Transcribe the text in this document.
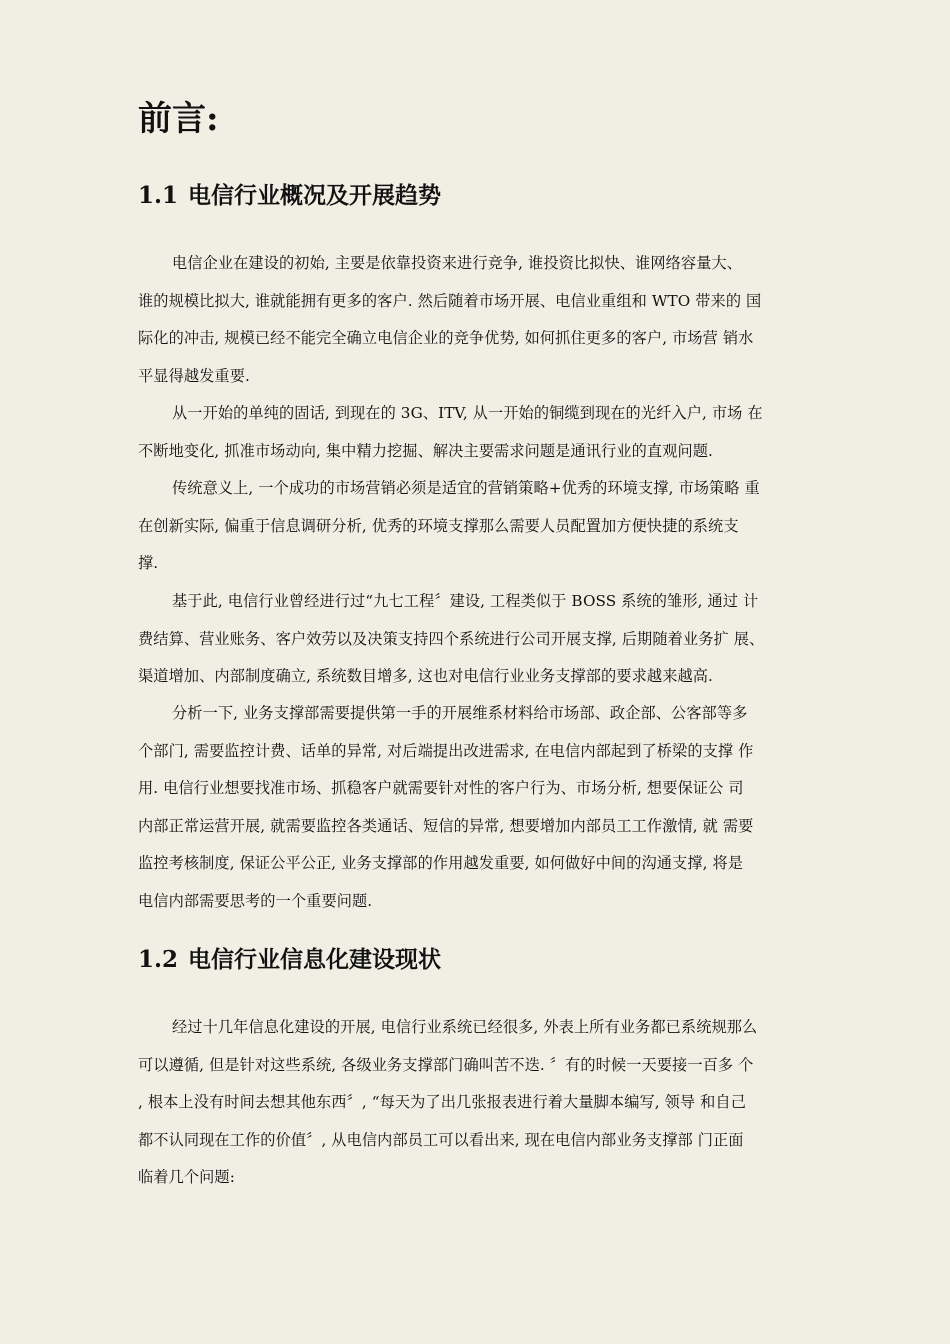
前言:
1.1 电信行业概况及开展趋势
电信企业在建设的初始, 主要是依靠投资来进行竞争, 谁投资比拟快、谁网络容量大、
谁的规模比拟大, 谁就能拥有更多的客户. 然后随着市场开展、电信业重组和 WTO 带来的 国
际化的冲击, 规模已经不能完全确立电信企业的竞争优势, 如何抓住更多的客户, 市场营 销水
平显得越发重要.
从一开始的单纯的固话, 到现在的 3G、ITV, 从一开始的铜缆到现在的光纤入户, 市场 在
不断地变化, 抓准市场动向, 集中精力挖掘、解决主要需求问题是通讯行业的直观问题.
传统意义上, 一个成功的市场营销必须是适宜的营销策略+优秀的环境支撑, 市场策略 重
在创新实际, 偏重于信息调研分析, 优秀的环境支撑那么需要人员配置加方便快捷的系统支
撑.
基于此, 电信行业曾经进行过“九七工程〞建设, 工程类似于 BOSS 系统的雏形, 通过 计
费结算、营业账务、客户效劳以及决策支持四个系统进行公司开展支撑, 后期随着业务扩 展、
渠道增加、内部制度确立, 系统数目增多, 这也对电信行业业务支撑部的要求越来越高.
分析一下, 业务支撑部需要提供第一手的开展维系材料给市场部、政企部、公客部等多
个部门, 需要监控计费、话单的异常, 对后端提出改进需求, 在电信内部起到了桥梁的支撑 作
用. 电信行业想要找准市场、抓稳客户就需要针对性的客户行为、市场分析, 想要保证公 司
内部正常运营开展, 就需要监控各类通话、短信的异常, 想要增加内部员工工作激情, 就 需要
监控考核制度, 保证公平公正, 业务支撑部的作用越发重要, 如何做好中间的沟通支撑, 将是
电信内部需要思考的一个重要问题.
1.2 电信行业信息化建设现状
经过十几年信息化建设的开展, 电信行业系统已经很多, 外表上所有业务都已系统规那么
可以遵循, 但是针对这些系统, 各级业务支撑部门确叫苦不迭. 〞有的时候一天要接一百多 个
, 根本上没有时间去想其他东西〞, “每天为了出几张报表进行着大量脚本编写, 领导 和自己
都不认同现在工作的价值〞, 从电信内部员工可以看出来, 现在电信内部业务支撑部 门正面
临着几个问题:
